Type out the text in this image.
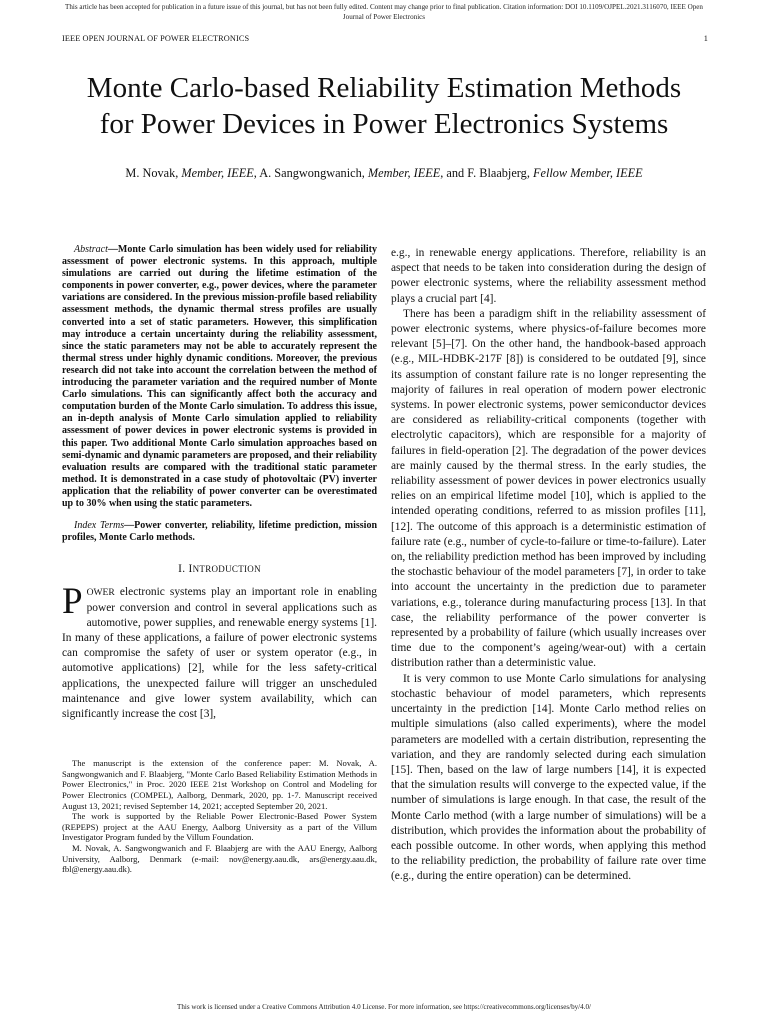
This article has been accepted for publication in a future issue of this journal, but has not been fully edited. Content may change prior to final publication. Citation information: DOI 10.1109/OJPEL.2021.3116070, IEEE Open
Journal of Power Electronics
IEEE OPEN JOURNAL OF POWER ELECTRONICS	1
Monte Carlo-based Reliability Estimation Methods
for Power Devices in Power Electronics Systems
M. Novak, Member, IEEE, A. Sangwongwanich, Member, IEEE, and F. Blaabjerg, Fellow Member, IEEE

Abstract—Monte Carlo simulation has been widely used for reliability assessment of power electronic systems. In this approach, multiple simulations are carried out during the lifetime estimation of the components in power converter, e.g., power devices, where the parameter variations are considered. In the previous mission-profile based reliability assessment methods, the dynamic thermal stress profiles are usually converted into a set of static parameters. However, this simplification may introduce a certain uncertainty during the reliability assessment, since the static parameters may not be able to accurately represent the thermal stress under highly dynamic conditions. Moreover, the previous research did not take into account the correlation between the method of introducing the parameter variation and the required number of Monte Carlo simulations. This can significantly affect both the accuracy and computation burden of the Monte Carlo simulation. To address this issue, an in-depth analysis of Monte Carlo simulation applied to reliability assessment of power devices in power electronic systems is provided in this paper. Two additional Monte Carlo simulation approaches based on semi-dynamic and dynamic parameters are proposed, and their reliability evaluation results are compared with the traditional static parameter method. It is demonstrated in a case study of photovoltaic (PV) inverter application that the reliability of power converter can be overestimated up to 30% when using the static parameters.

Index Terms—Power converter, reliability, lifetime prediction, mission profiles, Monte Carlo methods.

I. INTRODUCTION

POWER electronic systems play an important role in enabling power conversion and control in several applications such as automotive, power supplies, and renewable energy systems [1]. In many of these applications, a failure of power electronic systems can compromise the safety of user or system operator (e.g., in automotive applications) [2], while for the less safety-critical applications, the unexpected failure will trigger an unscheduled maintenance and give lower system availability, which can significantly increase the cost [3],

The manuscript is the extension of the conference paper: M. Novak, A. Sangwongwanich and F. Blaabjerg, "Monte Carlo Based Reliability Estimation Methods in Power Electronics," in Proc. 2020 IEEE 21st Workshop on Control and Modeling for Power Electronics (COMPEL), Aalborg, Denmark, 2020, pp. 1-7. Manuscript received August 13, 2021; revised September 14, 2021; accepted September 20, 2021.

The work is supported by the Reliable Power Electronic-Based Power System (REPEPS) project at the AAU Energy, Aalborg University as a part of the Villum Investigator Program funded by the Villum Foundation.

M. Novak, A. Sangwongwanich and F. Blaabjerg are with the AAU Energy, Aalborg University, Aalborg, Denmark (e-mail: nov@energy.aau.dk, ars@energy.aau.dk, fbl@energy.aau.dk).

e.g., in renewable energy applications. Therefore, reliability is an aspect that needs to be taken into consideration during the design of power electronic systems, where the reliability assessment method plays a crucial part [4].

There has been a paradigm shift in the reliability assessment of power electronic systems, where physics-of-failure becomes more relevant [5]–[7]. On the other hand, the handbook-based approach (e.g., MIL-HDBK-217F [8]) is considered to be outdated [9], since its assumption of constant failure rate is no longer representing the majority of failures in real operation of modern power electronic systems. In power electronic systems, power semiconductor devices are considered as reliability-critical components (together with electrolytic capacitors), which are responsible for a majority of failures in field-operation [2]. The degradation of the power devices are mainly caused by the thermal stress. In the early studies, the reliability assessment of power devices in power electronics usually relies on an empirical lifetime model [10], which is applied to the intended operating conditions, referred to as mission profiles [11], [12]. The outcome of this approach is a deterministic estimation of failure rate (e.g., number of cycle-to-failure or time-to-failure). Later on, the reliability prediction method has been improved by including the stochastic behaviour of the model parameters [7], in order to take into account the uncertainty in the prediction due to parameter variations, e.g., tolerance during manufacturing process [13]. In that case, the reliability performance of the power converter is represented by a probability of failure (which usually increases over time due to the component’s ageing/wear-out) with a certain distribution rather than a deterministic value.

It is very common to use Monte Carlo simulations for analysing stochastic behaviour of model parameters, which represents uncertainty in the prediction [14]. Monte Carlo method relies on multiple simulations (also called experiments), where the model parameters are modelled with a certain distribution, representing the variation, and they are randomly selected during each simulation [15]. Then, based on the law of large numbers [14], it is expected that the simulation results will converge to the expected value, if the number of simulations is large enough. In that case, the result of the Monte Carlo method (with a large number of simulations) will be a distribution, which provides the information about the probability of each possible outcome. In other words, when applying this method to the reliability prediction, the probability of failure rate over time (e.g., during the entire operation) can be determined.

This work is licensed under a Creative Commons Attribution 4.0 License. For more information, see https://creativecommons.org/licenses/by/4.0/
